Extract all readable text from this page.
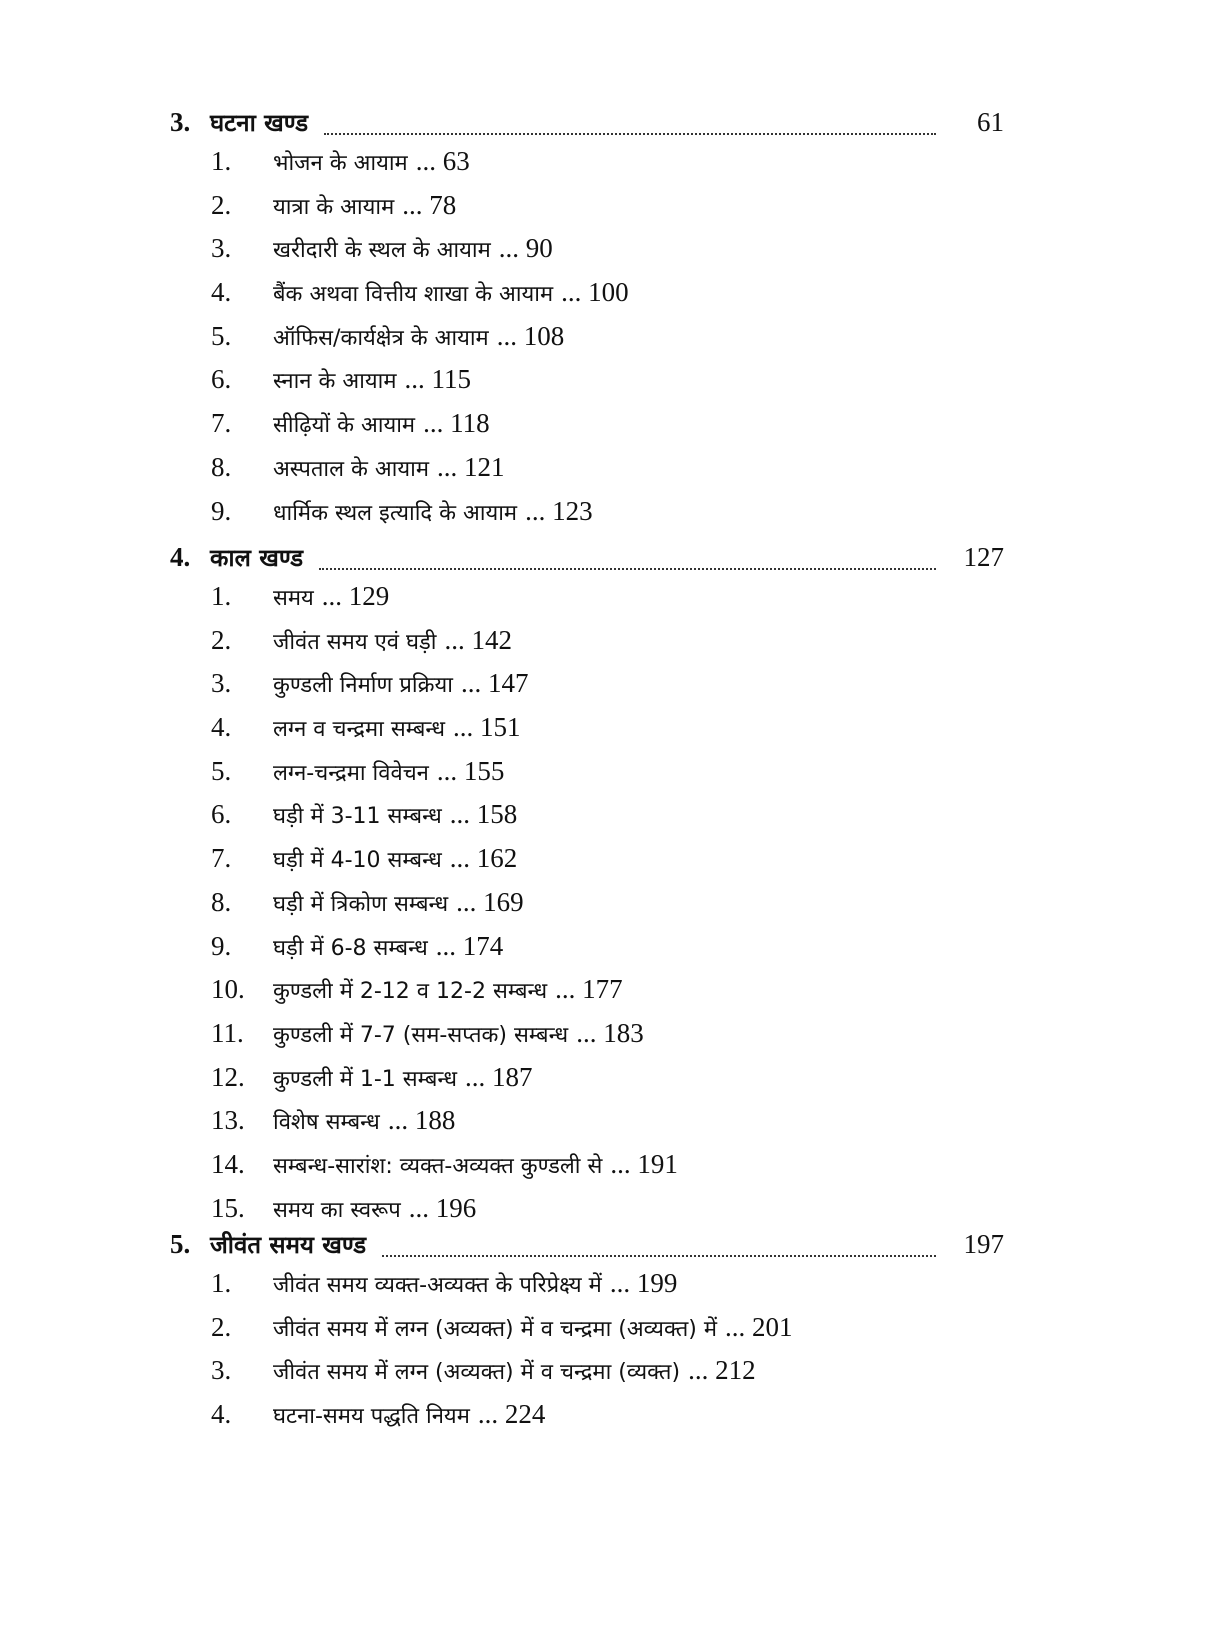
3. घटना खण्ड	61
1.	भोजन के आयाम ... 63
2.	यात्रा के आयाम ... 78
3.	खरीदारी के स्थल के आयाम ... 90
4.	बैंक अथवा वित्तीय शाखा के आयाम ... 100
5.	ऑफिस/कार्यक्षेत्र के आयाम ... 108
6.	स्नान के आयाम ... 115
7.	सीढ़ियों के आयाम ... 118
8.	अस्पताल के आयाम ... 121
9.	धार्मिक स्थल इत्यादि के आयाम ... 123
4. काल खण्ड	127
1.	समय ... 129
2.	जीवंत समय एवं घड़ी ... 142
3.	कुण्डली निर्माण प्रक्रिया ... 147
4.	लग्न व चन्द्रमा सम्बन्ध ... 151
5.	लग्न-चन्द्रमा विवेचन ... 155
6.	घड़ी में 3-11 सम्बन्ध ... 158
7.	घड़ी में 4-10 सम्बन्ध ... 162
8.	घड़ी में त्रिकोण सम्बन्ध ... 169
9.	घड़ी में 6-8 सम्बन्ध ... 174
10.	कुण्डली में 2-12 व 12-2 सम्बन्ध ... 177
11.	कुण्डली में 7-7 (सम-सप्तक) सम्बन्ध ... 183
12.	कुण्डली में 1-1 सम्बन्ध ... 187
13.	विशेष सम्बन्ध ... 188
14.	सम्बन्ध-सारांश: व्यक्त-अव्यक्त कुण्डली से ... 191
15.	समय का स्वरूप ... 196
5. जीवंत समय खण्ड	197
1.	जीवंत समय व्यक्त-अव्यक्त के परिप्रेक्ष्य में ... 199
2.	जीवंत समय में लग्न (अव्यक्त) में व चन्द्रमा (अव्यक्त) में ... 201
3.	जीवंत समय में लग्न (अव्यक्त) में व चन्द्रमा (व्यक्त) ... 212
4.	घटना-समय पद्धति नियम ... 224
